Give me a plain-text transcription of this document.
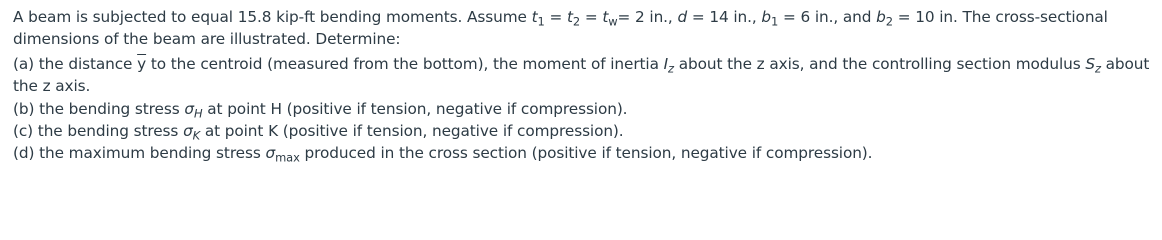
A beam is subjected to equal 15.8 kip-ft bending moments. Assume $t_1 = t_2 = t_w= 2$ in., d = 14 in., $b_1 = 6$ in., and $b_2 = 10$ in. The cross-sectional dimensions of the beam are illustrated. Determine:

(a) the distance $\overline{y}$ to the centroid (measured from the bottom), the moment of inertia $I_z$ about the z axis, and the controlling section modulus $S_z$ about the z axis.

(b) the bending stress $\sigma_H$ at point H (positive if tension, negative if compression).

(c) the bending stress $\sigma_K$ at point K (positive if tension, negative if compression).

(d) the maximum bending stress $\sigma_{max}$ produced in the cross section (positive if tension, negative if compression).
